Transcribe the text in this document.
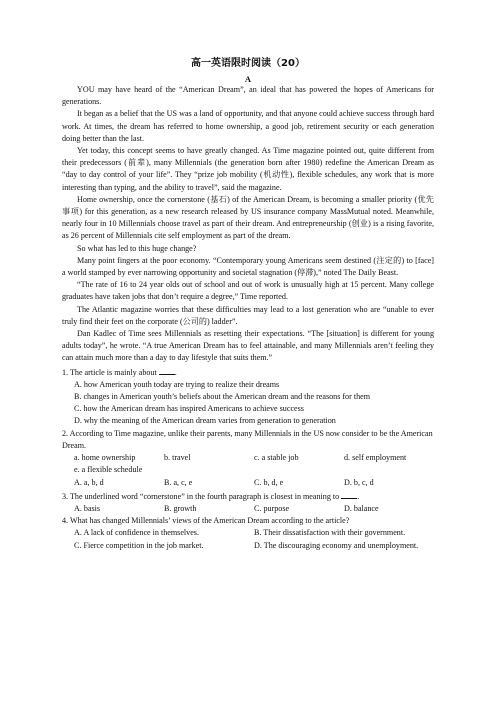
高一英语限时阅读（20）
A

YOU may have heard of the “American Dream”, an ideal that has powered the hopes of Americans for generations.

It began as a belief that the US was a land of opportunity, and that anyone could achieve success through hard work. At times, the dream has referred to home ownership, a good job, retirement security or each generation doing better than the last.

Yet today, this concept seems to have greatly changed. As Time magazine pointed out, quite different from their predecessors (前辈), many Millennials (the generation born after 1980) redefine the American Dream as “day to day control of your life”. They “prize job mobility (机动性), flexible schedules, any work that is more interesting than typing, and the ability to travel”, said the magazine.

Home ownership, once the cornerstone (基石) of the American Dream, is becoming a smaller priority (优先事项) for this generation, as a new research released by US insurance company MassMutual noted. Meanwhile, nearly four in 10 Millennials choose travel as part of their dream. And entrepreneurship (创业) is a rising favorite, as 26 percent of Millennials cite self employment as part of the dream.

So what has led to this huge change?

Many point fingers at the poor economy. “Contemporary young Americans seem destined (注定的) to [face] a world stamped by ever narrowing opportunity and societal stagnation (停滞),” noted The Daily Beast.

“The rate of 16 to 24 year olds out of school and out of work is unusually high at 15 percent. Many college graduates have taken jobs that don’t require a degree,” Time reported.

The Atlantic magazine worries that these difficulties may lead to a lost generation who are “unable to ever truly find their feet on the corporate (公司的) ladder”.

Dan Kadlec of Time sees Millennials as resetting their expectations. “The [situation] is different for young adults today”, he wrote. “A true American Dream has to feel attainable, and many Millennials aren’t feeling they can attain much more than a day to day lifestyle that suits them.”

1. The article is mainly about .

A. how American youth today are trying to realize their dreams

B. changes in American youth’s beliefs about the American dream and the reasons for them

C. how the American dream has inspired Americans to achieve success

D. why the meaning of the American dream varies from generation to generation

2. According to Time magazine, unlike their parents, many Millennials in the US now consider to be the American Dream.

a. home ownership	b. travel	c. a stable job	d. self employment

e. a flexible schedule

A. a, b, d	B. a, c, e	C. b, d, e	D. b, c, d

3. The underlined word “cornerstone” in the fourth paragraph is closest in meaning to .

A. basis	B. growth	C. purpose	D. balance

4. What has changed Millennials’ views of the American Dream according to the article?

A. A lack of confidence in themselves.	B. Their dissatisfaction with their government.
C. Fierce competition in the job market.	D. The discouraging economy and unemployment.
